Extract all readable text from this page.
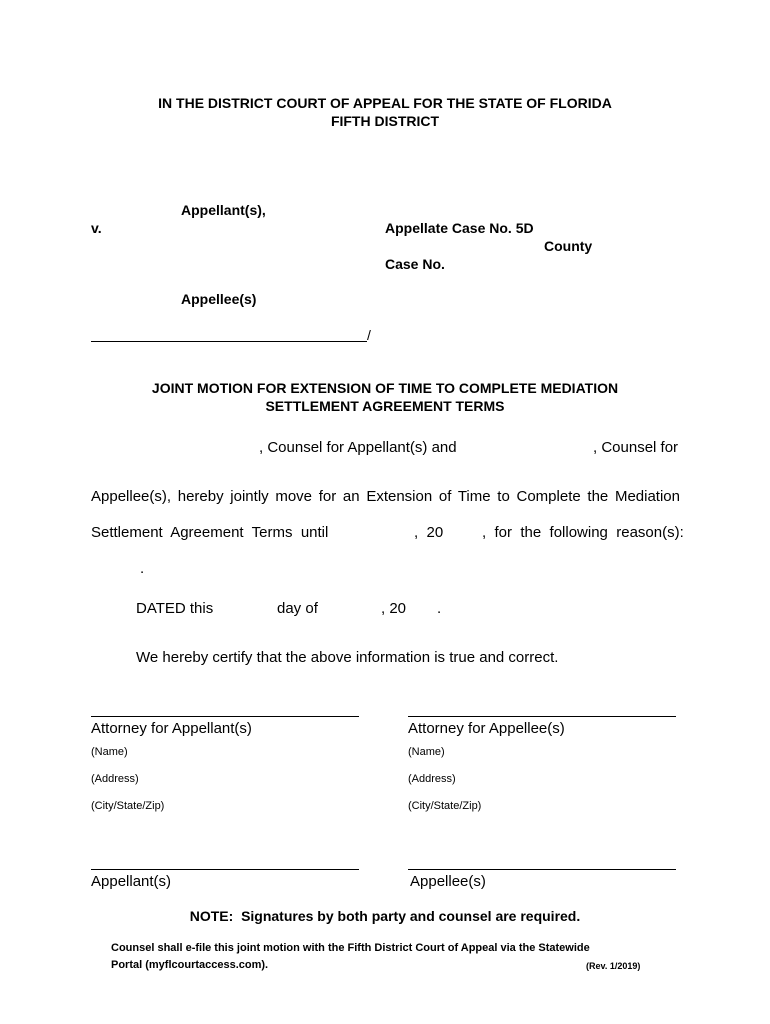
IN THE DISTRICT COURT OF APPEAL FOR THE STATE OF FLORIDA
FIFTH DISTRICT
Appellant(s),
v.	Appellate Case No. 5D
County
Case No.
Appellee(s)
/
JOINT MOTION FOR EXTENSION OF TIME TO COMPLETE MEDIATION
SETTLEMENT AGREEMENT TERMS
, Counsel for Appellant(s) and	, Counsel for
Appellee(s), hereby jointly move for an Extension of Time to Complete the Mediation
Settlement  Agreement  Terms  until	,  20	,  for  the  following  reason(s):
.
DATED this	day of	, 20 .
We hereby certify that the above information is true and correct.
Attorney for Appellant(s)
(Name)
(Address)
(City/State/Zip)
Attorney for Appellee(s)
(Name)
(Address)
(City/State/Zip)
Appellant(s)	Appellee(s)
NOTE:  Signatures by both party and counsel are required.
Counsel shall e-file this joint motion with the Fifth District Court of Appeal via the Statewide
Portal (myflcourtaccess.com).	(Rev. 1/2019)
